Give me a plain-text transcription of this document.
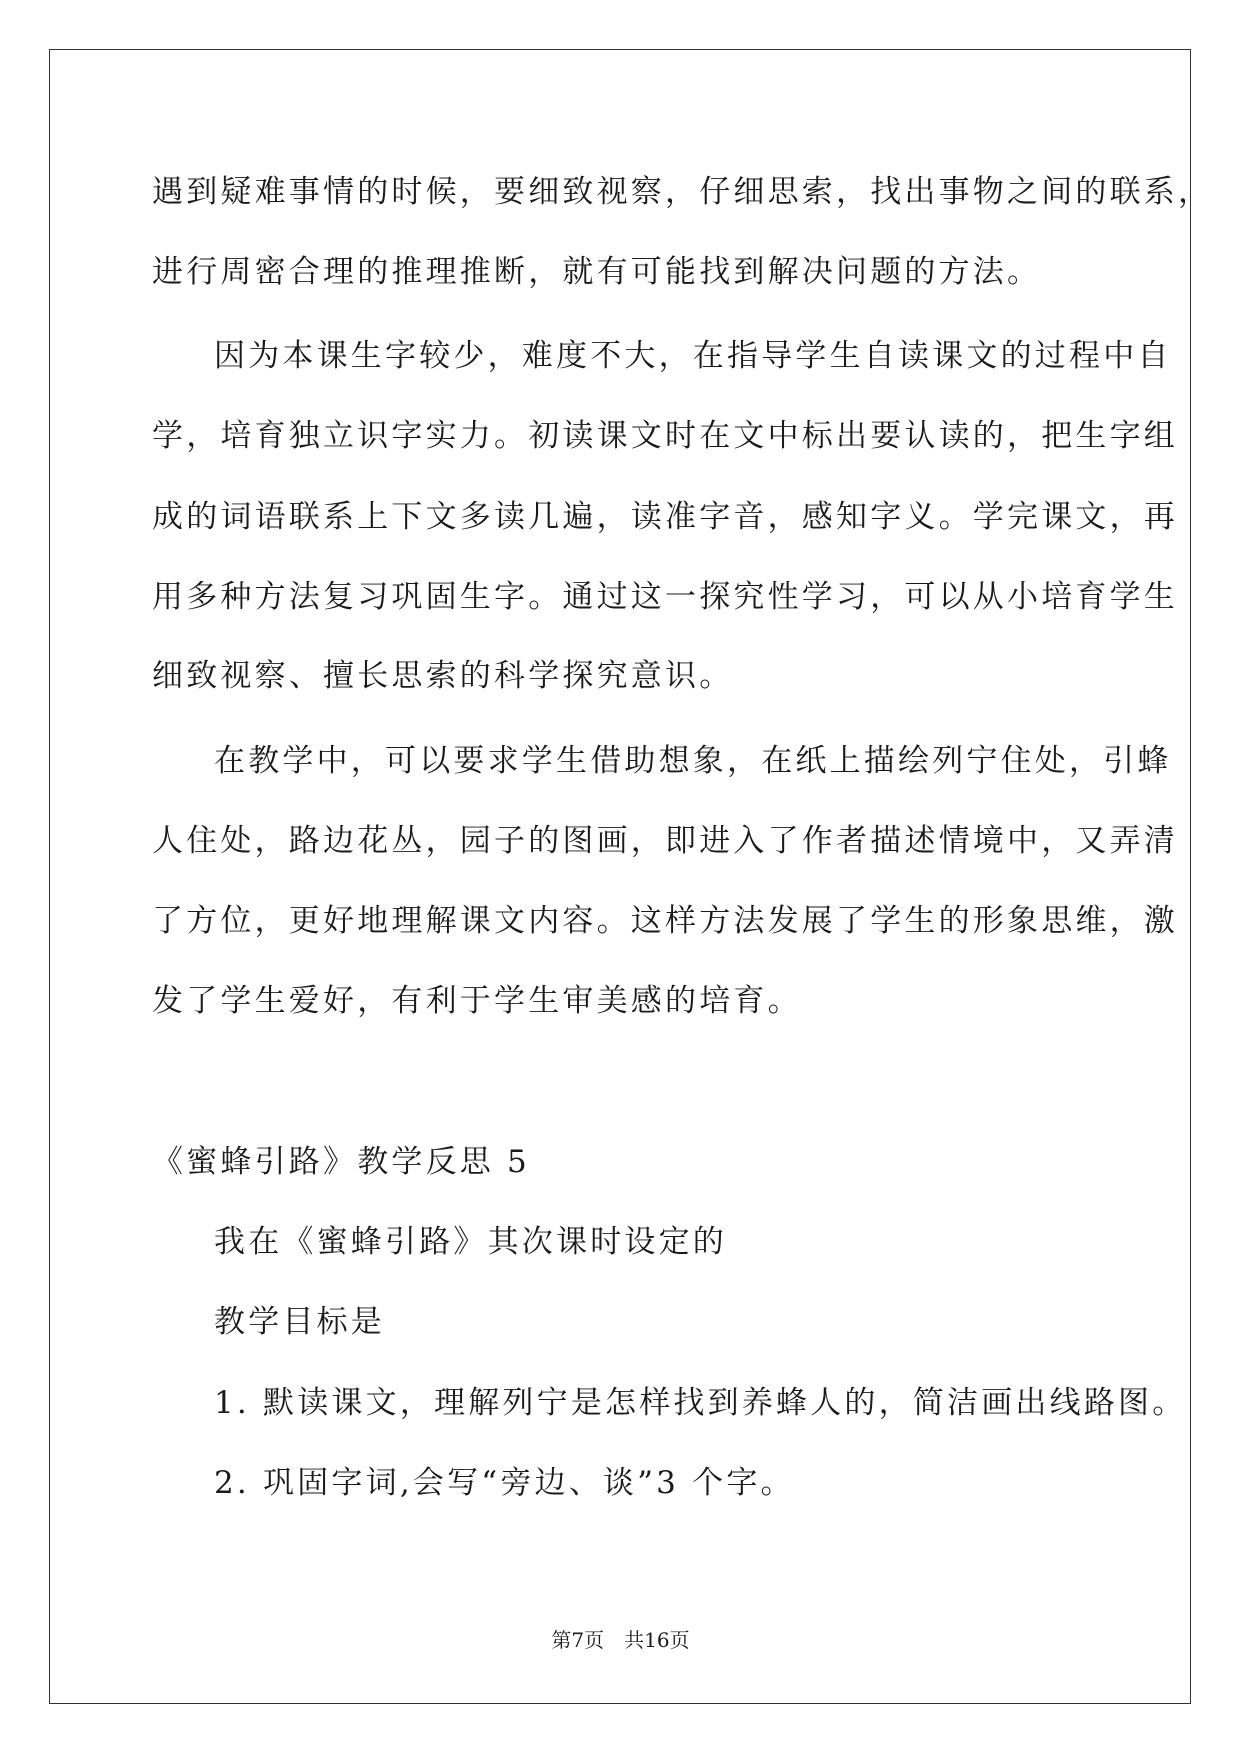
遇到疑难事情的时候，要细致视察，仔细思索，找出事物之间的联系，
进行周密合理的推理推断，就有可能找到解决问题的方法。
因为本课生字较少，难度不大，在指导学生自读课文的过程中自
学，培育独立识字实力。初读课文时在文中标出要认读的，把生字组
成的词语联系上下文多读几遍，读准字音，感知字义。学完课文，再
用多种方法复习巩固生字。通过这一探究性学习，可以从小培育学生
细致视察、擅长思索的科学探究意识。
在教学中，可以要求学生借助想象，在纸上描绘列宁住处，引蜂
人住处，路边花丛，园子的图画，即进入了作者描述情境中，又弄清
了方位，更好地理解课文内容。这样方法发展了学生的形象思维，激
发了学生爱好，有利于学生审美感的培育。
《蜜蜂引路》教学反思 5
我在《蜜蜂引路》其次课时设定的
教学目标是
1. 默读课文，理解列宁是怎样找到养蜂人的，简洁画出线路图。
2. 巩固字词,会写“旁边、谈”3 个字。
第7页 共16页
